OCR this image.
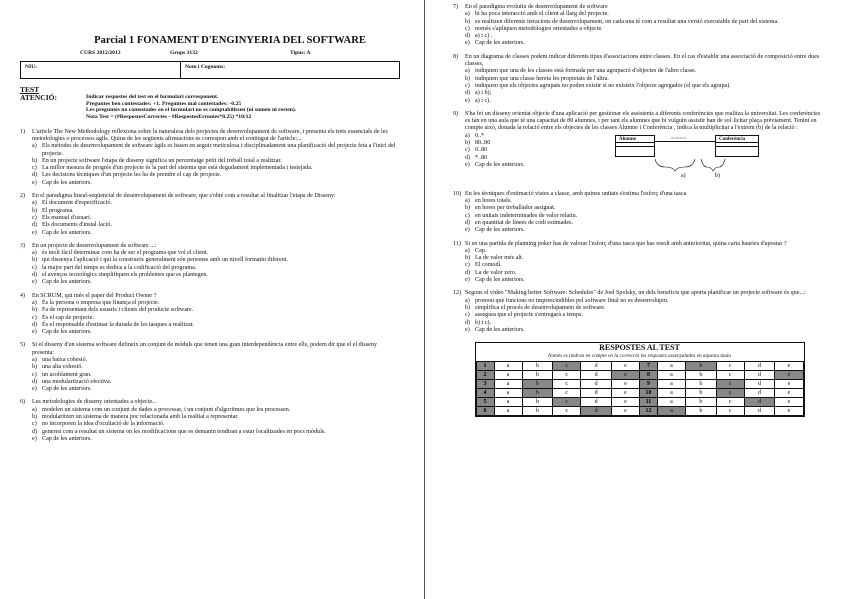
Parcial 1 FONAMENT D'ENGINYERIA DEL SOFTWARE
CURS 2012/2013	Grups 3132	Tipus: A
NIU:	Nom i Cognoms:
TEST
ATENCIÓ:	Indicar respostes del test en el formulari corresponent.
Preguntes ben contestades: +1. Preguntes mal contestades: -0.25
Les preguntes no contestades en el formulari no es comptabilitzen (ni sumen ni resten).
Nota Test = (#RespostesCorrectes - #RespostesErronies*0.25) *10/12
1)	L'article The New Methodology reflexiona sobre la naturalesa dels projectes de desenvolupament de software, i presenta els trets essencials de les metodologies o processos àgils. Quina de les següents afirmacions es correspon amb el contingut de l'article:...
a) Els mètodes de desenvolupament de software àgils es basen en seguir meticulosa i disciplinadament una planificació del projecte feta a l'inici del projecte.
b) En un projecte software l'etapa de disseny significa un percentatge petit del treball total a realitzar.
c) La millor mesura de progrés d'un projecte és la part del sistema que està degudament implementada i testejada.
d) Les decisions tècniques d'un projecte les ha de prendre el cap de projecte.
e) Cap de les anteriors.
2)	En el paradigma lineal-seqüencial de desenvolupament de software, que s'obté com a resultat al finalitzar l'etapa de Disseny:
a) El document d'especificació.
b) El programa.
c) Els manual d'usuari.
d) Els documents d'instal·lació.
e) Cap de les anteriors.
3)	En un projecte de desenvolupament de software ...:
a) és molt fàcil determinar com ha de ser el programa que vol el client.
b) qui dissenya l'aplicació i qui la construeix generalment són persones amb un nivell formatiu diferent.
c) la major part del temps es dedica a la codificació del programa.
d) el avenços tecnològics simplifiquen els problemes que es plantegen.
e) Cap de les anteriors.
4)	En SCRUM, qui més el paper del Product Owner ?
a) És la persona o empresa que finança el projecte.
b) Fa de representant dels usuaris i clients del producte software.
c) És el cap de projecte.
d) És el responsable d'estimar la durada de les tasques a realitzar.
e) Cap de les anteriors.
5)	Si el disseny d'un sistema software defineix un conjunt de mòduls que tenen una gran interdependència entre ells, podem dir que el el disseny presenta:
a) una baixa cohesió.
b) una alta cohesió.
c) un acoblament gran.
d) una modularització efectiva.
e) Cap de les anteriors.
6)	Les metodologies de disseny orientades a objecte...
a) modelen un sistema com un conjunt de dades a processar, i un conjunt d'algoritmes que les processen.
b) modularitzen un sistema de manera poc relacionada amb la realitat a representar.
c) no incorporen la idea d'ocultació de la informació.
d) generen com a resultat un sistema on les modificacions que es demanin tendiran a estar localitzades en pocs mòduls.
e) Cap de les anteriors.
7)	En el paradigma evolutiu de desenvolupament de software
a) hi ha poca interacció amb el client al llarg del projecte.
b) es realitzen diferents iteracions de desenvolupament, on cada una té com a resultat una versió executable de part del sistema.
c) només s'apliquen metodologies orientades a objecte.
d) a) i c) .
e) Cap de les anteriors.
8)	En un diagrama de classes podem indicar diferents tipus d'associacions entre classes. En el cas d'establir una associació de composició entre dues classes,
a) indiquem que una de les classes està formada per una agrupació d'objectes de l'altre classe.
b) indiquem que una classe hereta les propietats de l'altra.
c) indiquem que els objectes agrupats no poden existir si no existeix l'objecte agregador (el que els agrupa).
d) a) i b);
e) a) i c).
9)	S'ha fet un disseny orientat objecte d'una aplicació per gestionar els assistents a diferents conferències que realitza la universitat. Les conferències es fan en una aula que té una capacitat de 80 alumnes, i per tant els alumnes que hi vulguin assistir han de sol·licitar plaça prèviament. Tenint en compte això, donada la relació entre els objectes de les classes Alumne i Conferència , indica la multiplicitat a l'extrem (b) de la relació :
a) 0..*
b) 80..80
c) 0..80
d) *..80
e) Cap de les anteriors.
Alumne	Conferència
assisteix
a)	b)
10) En les tècniques d'estimació vistes a classe, amb quines unitats s'estima l'esforç d'una tasca
a) en hores totals.
b) en hores per treballador assignat.
c) en unitats indeterminades de valor relatiu.
d) en quantitat de línees de codi estimades.
e) Cap de les anteriors.
11) Si en una partida de planning poker has de valorar l'esforç d'una tasca que has resolt amb anterioritat, quina carta hauries d'apostar ?
a) Cap.
b) La de valor més alt.
c) El comodí.
d) La de valor zero.
e) Cap de les anteriors.
12) Segons el video "Making better Software: Schedules" de Joel Spolsky, un dels beneficis que aporta planificar un projecte software és que...:
a) promou que funcions no imprescindibles pel software final no es desenvolupin.
b) simplifica el procés de desenvolupament de software.
c) assegura que el projecte s'entregarà a temps.
d) b) i c).
e) Cap de les anteriors.
RESPOSTES AL TEST
Només es tindran en compte en la correcció les respostes assenyalades en aquesta taula
1	a	b	c	d	e	7	a	b	c	d	e
2	a	b	c	d	e	8	a	b	c	d	e
3	a	b	c	d	e	9	a	b	c	d	e
4	a	b	c	d	e	10	a	b	c	d	e
5	a	b	c	d	e	11	a	b	c	d	e
6	a	b	c	d	e	12	a	b	c	d	e
